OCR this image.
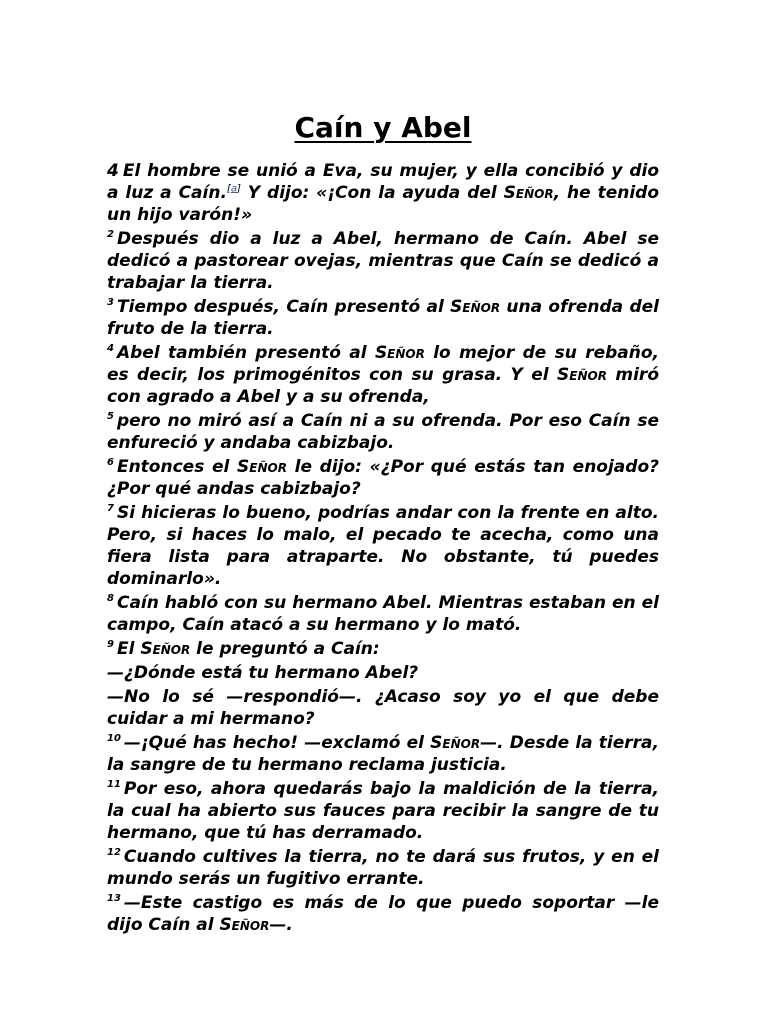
Caín y Abel

4 El hombre se unió a Eva, su mujer, y ella concibió y dio a luz a Caín.[a] Y dijo: «¡Con la ayuda del Señor, he tenido un hijo varón!»

$^2$ Después dio a luz a Abel, hermano de Caín. Abel se dedicó a pastorear ovejas, mientras que Caín se dedicó a trabajar la tierra.

$^3$ Tiempo después, Caín presentó al Señor una ofrenda del fruto de la tierra.

$^4$ Abel también presentó al Señor lo mejor de su rebaño, es decir, los primogénitos con su grasa. Y el Señor miró con agrado a Abel y a su ofrenda,

$^5$ pero no miró así a Caín ni a su ofrenda. Por eso Caín se enfureció y andaba cabizbajo.

$^6$ Entonces el Señor le dijo: «¿Por qué estás tan enojado? ¿Por qué andas cabizbajo?

$^7$ Si hicieras lo bueno, podrías andar con la frente en alto. Pero, si haces lo malo, el pecado te acecha, como una fiera lista para atraparte. No obstante, tú puedes dominarlo».

$^8$ Caín habló con su hermano Abel. Mientras estaban en el campo, Caín atacó a su hermano y lo mató.

$^9$ El Señor le preguntó a Caín:

—¿Dónde está tu hermano Abel?

—No lo sé —respondió—. ¿Acaso soy yo el que debe cuidar a mi hermano?

$^{10}$ —¡Qué has hecho! —exclamó el Señor—. Desde la tierra, la sangre de tu hermano reclama justicia.

$^{11}$ Por eso, ahora quedarás bajo la maldición de la tierra, la cual ha abierto sus fauces para recibir la sangre de tu hermano, que tú has derramado.

$^{12}$ Cuando cultives la tierra, no te dará sus frutos, y en el mundo serás un fugitivo errante.

$^{13}$ —Este castigo es más de lo que puedo soportar —le dijo Caín al Señor—.
